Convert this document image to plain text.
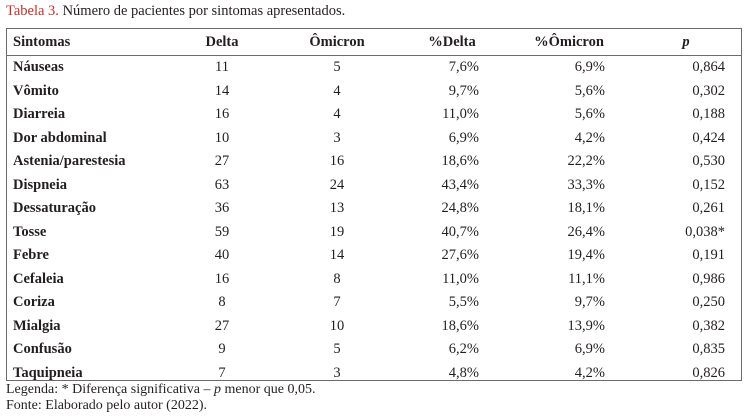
Tabela 3. Número de pacientes por sintomas apresentados.
Sintomas	Delta	Ômicron	%Delta	%Ômicron	p
Náuseas	11	5	7,6%	6,9%	0,864
Vômito	14	4	9,7%	5,6%	0,302
Diarreia	16	4	11,0%	5,6%	0,188
Dor abdominal	10	3	6,9%	4,2%	0,424
Astenia/parestesia	27	16	18,6%	22,2%	0,530
Dispneia	63	24	43,4%	33,3%	0,152
Dessaturação	36	13	24,8%	18,1%	0,261
Tosse	59	19	40,7%	26,4%	0,038*
Febre	40	14	27,6%	19,4%	0,191
Cefaleia	16	8	11,0%	11,1%	0,986
Coriza	8	7	5,5%	9,7%	0,250
Mialgia	27	10	18,6%	13,9%	0,382
Confusão	9	5	6,2%	6,9%	0,835
Taquipneia	7	3	4,8%	4,2%	0,826
Legenda: * Diferença significativa – p menor que 0,05.
Fonte: Elaborado pelo autor (2022).
